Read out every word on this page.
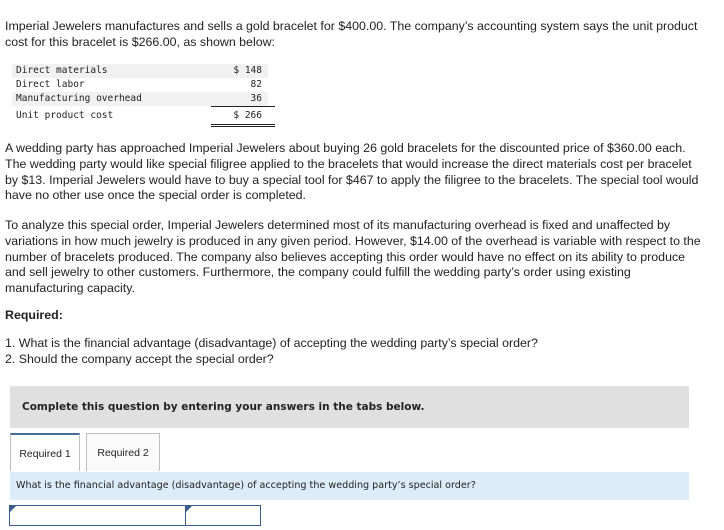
Imperial Jewelers manufactures and sells a gold bracelet for $400.00. The company’s accounting system says the unit product cost for this bracelet is $266.00, as shown below:

Direct materials	$ 148
Direct labor	82
Manufacturing overhead	36
Unit product cost	$ 266

A wedding party has approached Imperial Jewelers about buying 26 gold bracelets for the discounted price of $360.00 each. The wedding party would like special filigree applied to the bracelets that would increase the direct materials cost per bracelet by $13. Imperial Jewelers would have to buy a special tool for $467 to apply the filigree to the bracelets. The special tool would have no other use once the special order is completed.

To analyze this special order, Imperial Jewelers determined most of its manufacturing overhead is fixed and unaffected by variations in how much jewelry is produced in any given period. However, $14.00 of the overhead is variable with respect to the number of bracelets produced. The company also believes accepting this order would have no effect on its ability to produce and sell jewelry to other customers. Furthermore, the company could fulfill the wedding party’s order using existing manufacturing capacity.

Required:

1. What is the financial advantage (disadvantage) of accepting the wedding party’s special order?
2. Should the company accept the special order?
Complete this question by entering your answers in the tabs below.
Required 1	Required 2
What is the financial advantage (disadvantage) of accepting the wedding party’s special order?
